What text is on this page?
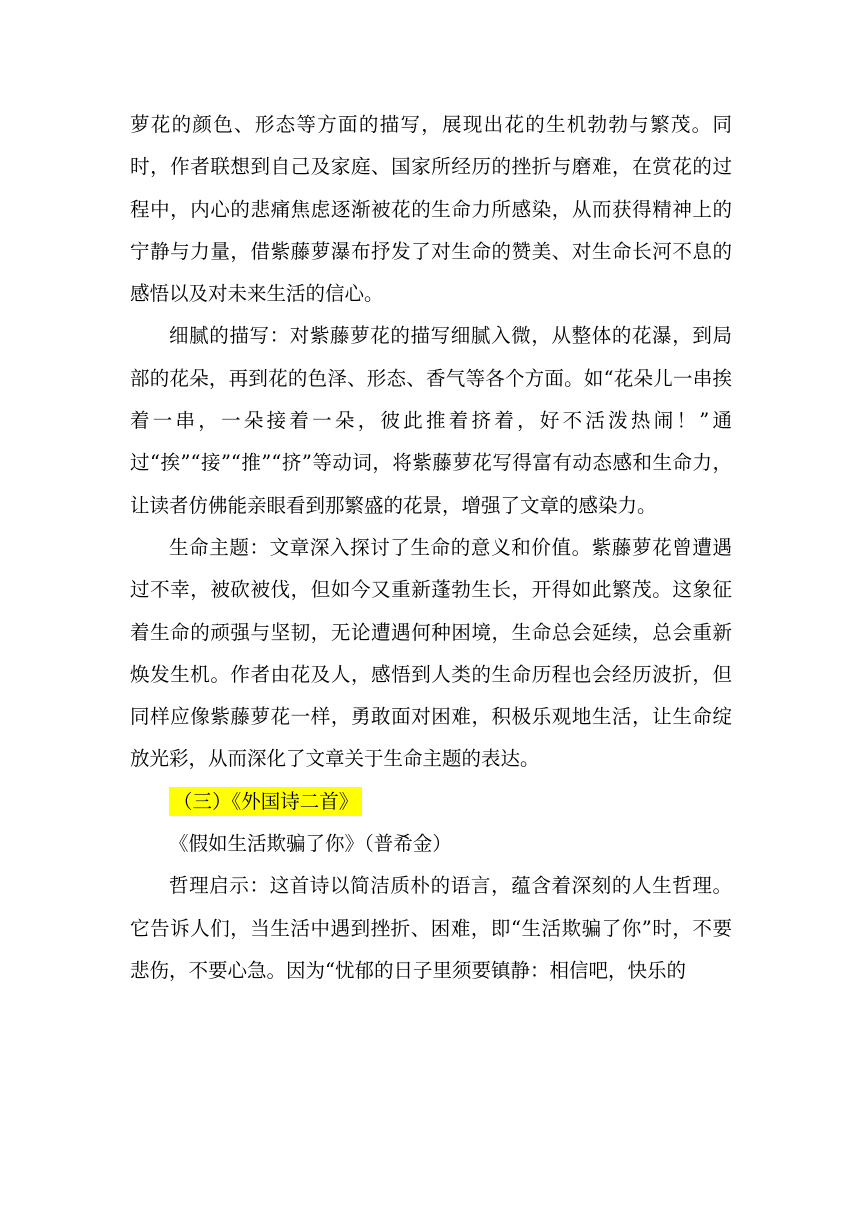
萝花的颜色、形态等方面的描写，展现出花的生机勃勃与繁茂。同时，作者联想到自己及家庭、国家所经历的挫折与磨难，在赏花的过程中，内心的悲痛焦虑逐渐被花的生命力所感染，从而获得精神上的宁静与力量，借紫藤萝瀑布抒发了对生命的赞美、对生命长河不息的感悟以及对未来生活的信心。

细腻的描写：对紫藤萝花的描写细腻入微，从整体的花瀑，到局部的花朵，再到花的色泽、形态、香气等各个方面。如“花朵儿一串挨着一串，一朵接着一朵，彼此推着挤着，好不活泼热闹！”通过“挨”“接”“推”“挤”等动词，将紫藤萝花写得富有动态感和生命力，让读者仿佛能亲眼看到那繁盛的花景，增强了文章的感染力。

生命主题：文章深入探讨了生命的意义和价值。紫藤萝花曾遭遇过不幸，被砍被伐，但如今又重新蓬勃生长，开得如此繁茂。这象征着生命的顽强与坚韧，无论遭遇何种困境，生命总会延续，总会重新焕发生机。作者由花及人，感悟到人类的生命历程也会经历波折，但同样应像紫藤萝花一样，勇敢面对困难，积极乐观地生活，让生命绽放光彩，从而深化了文章关于生命主题的表达。

（三）《外国诗二首》

《假如生活欺骗了你》（普希金）

哲理启示：这首诗以简洁质朴的语言，蕴含着深刻的人生哲理。它告诉人们，当生活中遇到挫折、困难，即“生活欺骗了你”时，不要悲伤，不要心急。因为“忧郁的日子里须要镇静：相信吧，快乐的
